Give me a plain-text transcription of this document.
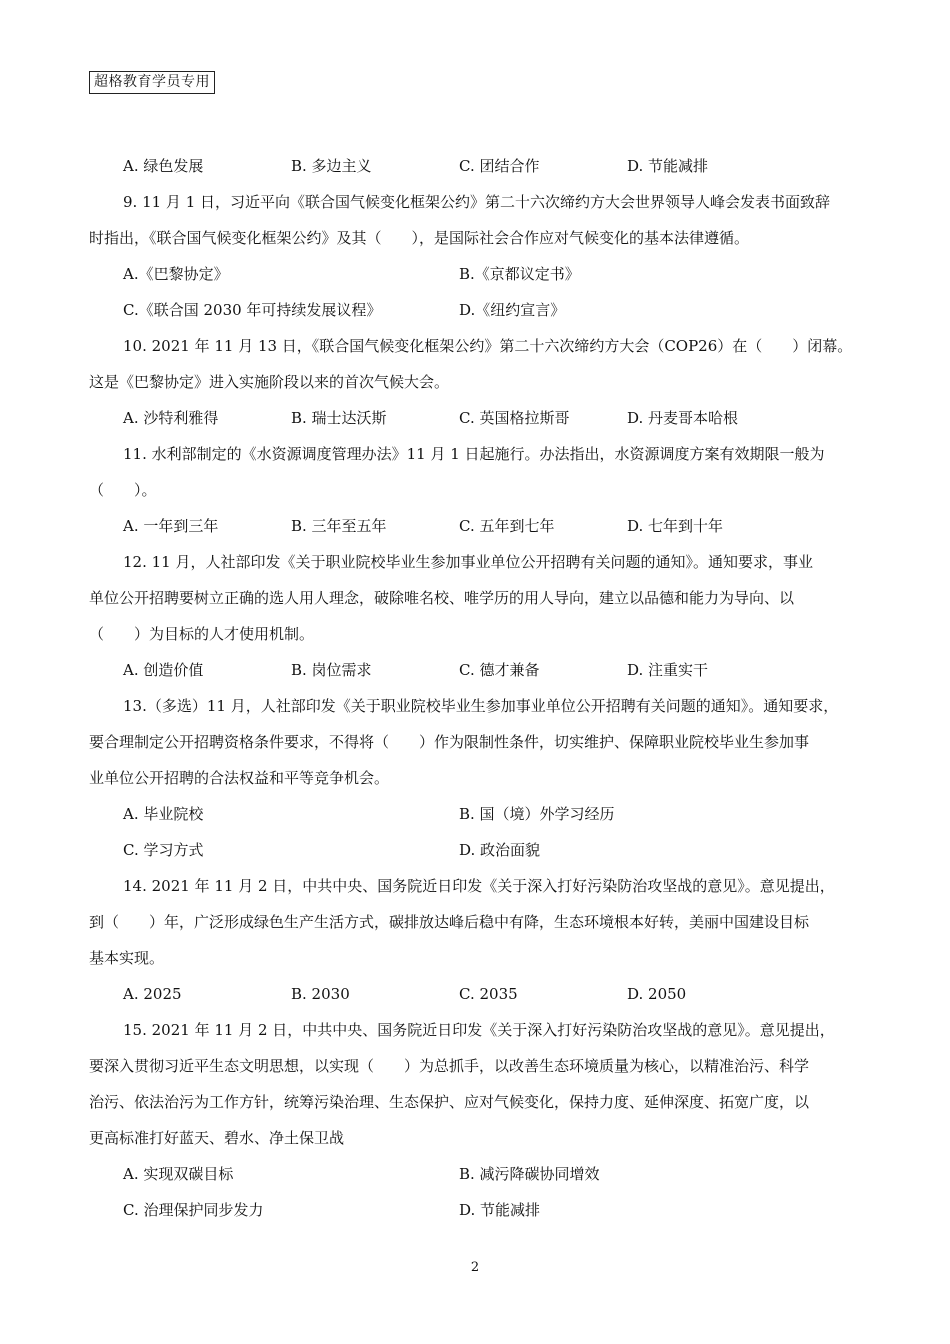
超格教育学员专用
A. 绿色发展	B. 多边主义	C. 团结合作	D. 节能减排
9. 11 月 1 日，习近平向《联合国气候变化框架公约》第二十六次缔约方大会世界领导人峰会发表书面致辞
时指出，《联合国气候变化框架公约》及其（　　），是国际社会合作应对气候变化的基本法律遵循。
A.《巴黎协定》	B.《京都议定书》
C.《联合国 2030 年可持续发展议程》	D.《纽约宣言》
10. 2021 年 11 月 13 日，《联合国气候变化框架公约》第二十六次缔约方大会（COP26）在（　　）闭幕。
这是《巴黎协定》进入实施阶段以来的首次气候大会。
A. 沙特利雅得	B. 瑞士达沃斯	C. 英国格拉斯哥	D. 丹麦哥本哈根
11. 水利部制定的《水资源调度管理办法》11 月 1 日起施行。办法指出，水资源调度方案有效期限一般为
（　　）。
A. 一年到三年	B. 三年至五年	C. 五年到七年	D. 七年到十年
12. 11 月，人社部印发《关于职业院校毕业生参加事业单位公开招聘有关问题的通知》。通知要求，事业
单位公开招聘要树立正确的选人用人理念，破除唯名校、唯学历的用人导向，建立以品德和能力为导向、以
（　　）为目标的人才使用机制。
A. 创造价值	B. 岗位需求	C. 德才兼备	D. 注重实干
13.（多选）11 月，人社部印发《关于职业院校毕业生参加事业单位公开招聘有关问题的通知》。通知要求，
要合理制定公开招聘资格条件要求，不得将（　　）作为限制性条件，切实维护、保障职业院校毕业生参加事
业单位公开招聘的合法权益和平等竞争机会。
A. 毕业院校	B. 国（境）外学习经历
C. 学习方式	D. 政治面貌
14. 2021 年 11 月 2 日，中共中央、国务院近日印发《关于深入打好污染防治攻坚战的意见》。意见提出，
到（　　）年，广泛形成绿色生产生活方式，碳排放达峰后稳中有降，生态环境根本好转，美丽中国建设目标
基本实现。
A. 2025	B. 2030	C. 2035	D. 2050
15. 2021 年 11 月 2 日，中共中央、国务院近日印发《关于深入打好污染防治攻坚战的意见》。意见提出，
要深入贯彻习近平生态文明思想，以实现（　　）为总抓手，以改善生态环境质量为核心，以精准治污、科学
治污、依法治污为工作方针，统筹污染治理、生态保护、应对气候变化，保持力度、延伸深度、拓宽广度，以
更高标准打好蓝天、碧水、净土保卫战
A. 实现双碳目标	B. 减污降碳协同增效
C. 治理保护同步发力	D. 节能减排
2
